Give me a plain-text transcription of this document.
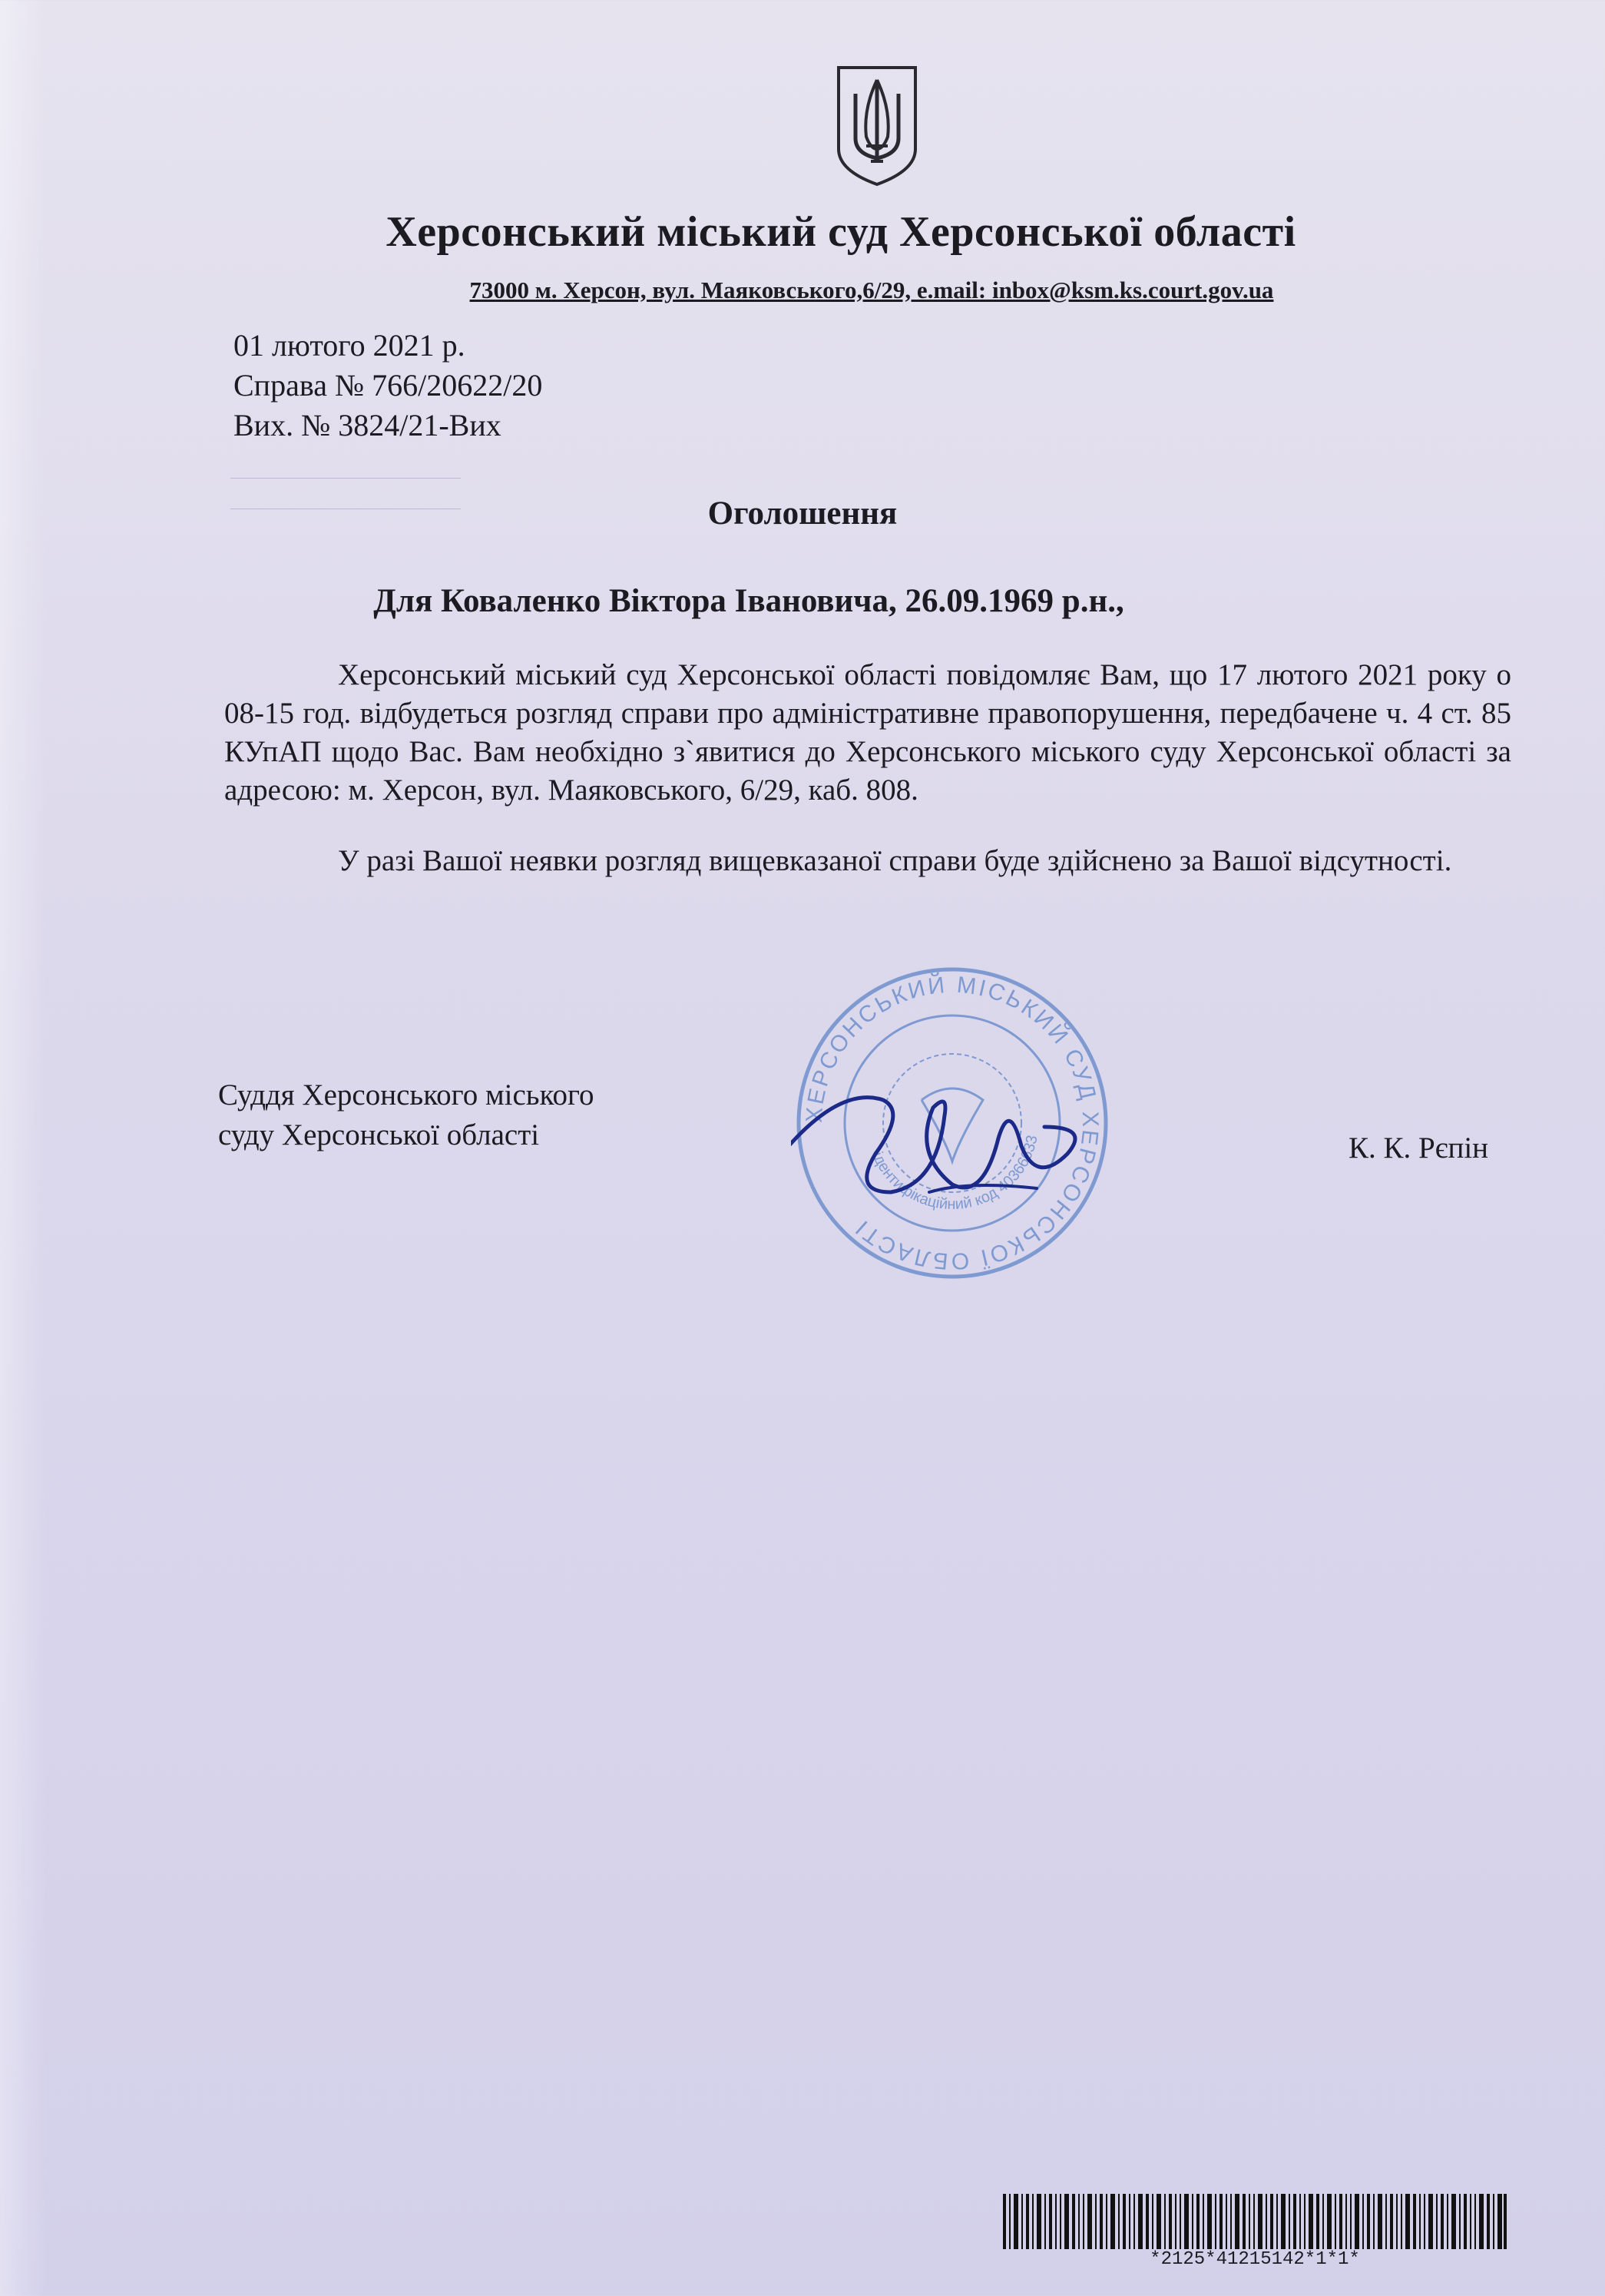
Херсонський міський суд Херсонської області
73000 м. Херсон, вул. Маяковського,6/29, e.mail: inbox@ksm.ks.court.gov.ua
01 лютого 2021 р.
Справа № 766/20622/20
Вих. № 3824/21-Вих
Оголошення
Для Коваленко Віктора Івановича, 26.09.1969 р.н.,

Херсонський міський суд Херсонської області повідомляє Вам, що 17 лютого 2021 року о 08-15 год. відбудеться розгляд справи про адміністративне правопорушення, передбачене ч. 4 ст. 85 КУпАП щодо Вас. Вам необхідно з`явитися до Херсонського міського суду Херсонської області за адресою: м. Херсон, вул. Маяковського, 6/29, каб. 808.

У разі Вашої неявки розгляд вищевказаної справи буде здійснено за Вашої відсутності.

Суддя Херсонського міського
суду Херсонської області
ХЕРСОНСЬКИЙ МІСЬКИЙ СУД ХЕРСОНСЬКОЇ ОБЛАСТІ
ідентифікаційний код 40366633	К. К. Рєпін
*2125*41215142*1*1*
